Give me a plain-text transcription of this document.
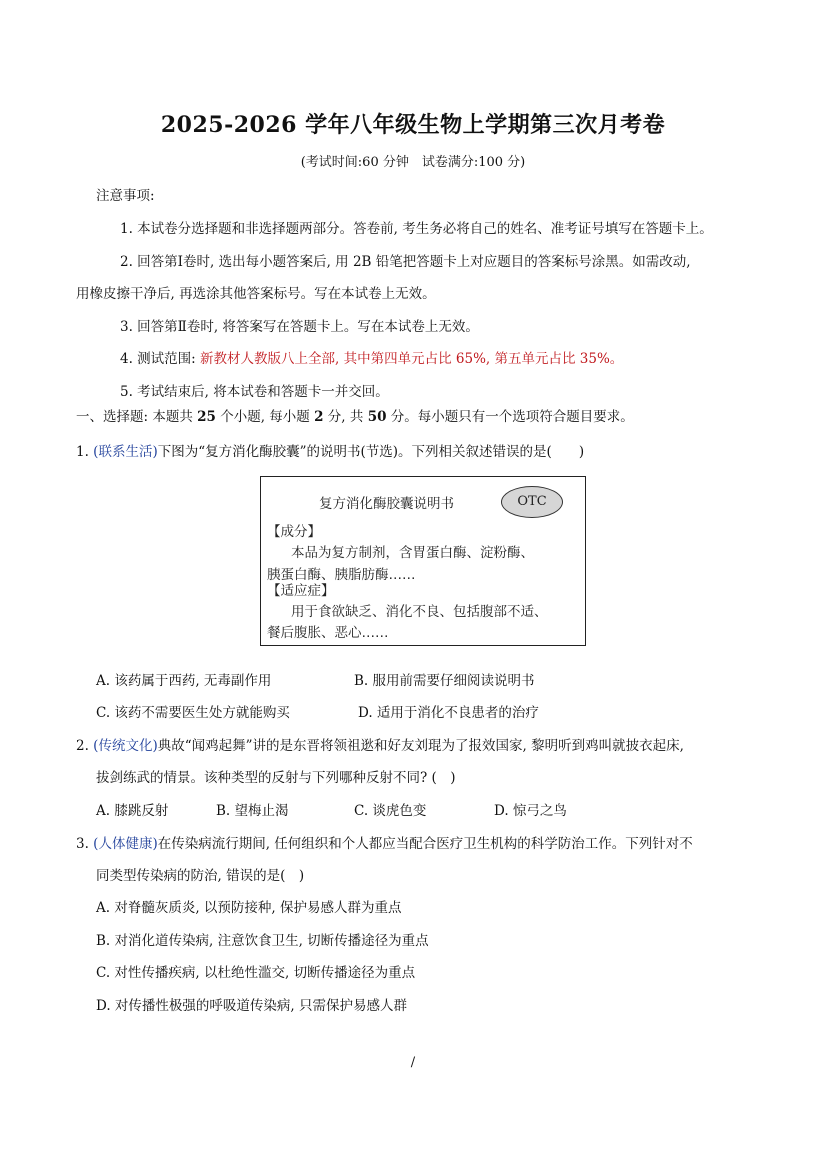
2025-2026 学年八年级生物上学期第三次月考卷
(考试时间:60 分钟　试卷满分:100 分)
注意事项:
1. 本试卷分选择题和非选择题两部分。答卷前, 考生务必将自己的姓名、准考证号填写在答题卡上。
2. 回答第Ⅰ卷时, 选出每小题答案后, 用 2B 铅笔把答题卡上对应题目的答案标号涂黑。如需改动,
用橡皮擦干净后, 再选涂其他答案标号。写在本试卷上无效。
3. 回答第Ⅱ卷时, 将答案写在答题卡上。写在本试卷上无效。
4. 测试范围: 新教材人教版八上全部, 其中第四单元占比 65%, 第五单元占比 35%。
5. 考试结束后, 将本试卷和答题卡一并交回。
一、选择题: 本题共 25 个小题, 每小题 2 分, 共 50 分。每小题只有一个选项符合题目要求。
1. (联系生活)下图为“复方消化酶胶囊”的说明书(节选)。下列相关叙述错误的是(　　)
复方消化酶胶囊说明书	OTC
【成分】
本品为复方制剂，含胃蛋白酶、淀粉酶、
胰蛋白酶、胰脂肪酶……
【适应症】
用于食欲缺乏、消化不良、包括腹部不适、
餐后腹胀、恶心……
A. 该药属于西药, 无毒副作用	B. 服用前需要仔细阅读说明书
C. 该药不需要医生处方就能购买	D. 适用于消化不良患者的治疗
2. (传统文化)典故“闻鸡起舞”讲的是东晋将领祖逖和好友刘琨为了报效国家, 黎明听到鸡叫就披衣起床,
拔剑练武的情景。该种类型的反射与下列哪种反射不同? (　)
A. 膝跳反射	B. 望梅止渴	C. 谈虎色变	D. 惊弓之鸟
3. (人体健康)在传染病流行期间, 任何组织和个人都应当配合医疗卫生机构的科学防治工作。下列针对不
同类型传染病的防治, 错误的是(　)
A. 对脊髓灰质炎, 以预防接种, 保护易感人群为重点
B. 对消化道传染病, 注意饮食卫生, 切断传播途径为重点
C. 对性传播疾病, 以杜绝性滥交, 切断传播途径为重点
D. 对传播性极强的呼吸道传染病, 只需保护易感人群
/
